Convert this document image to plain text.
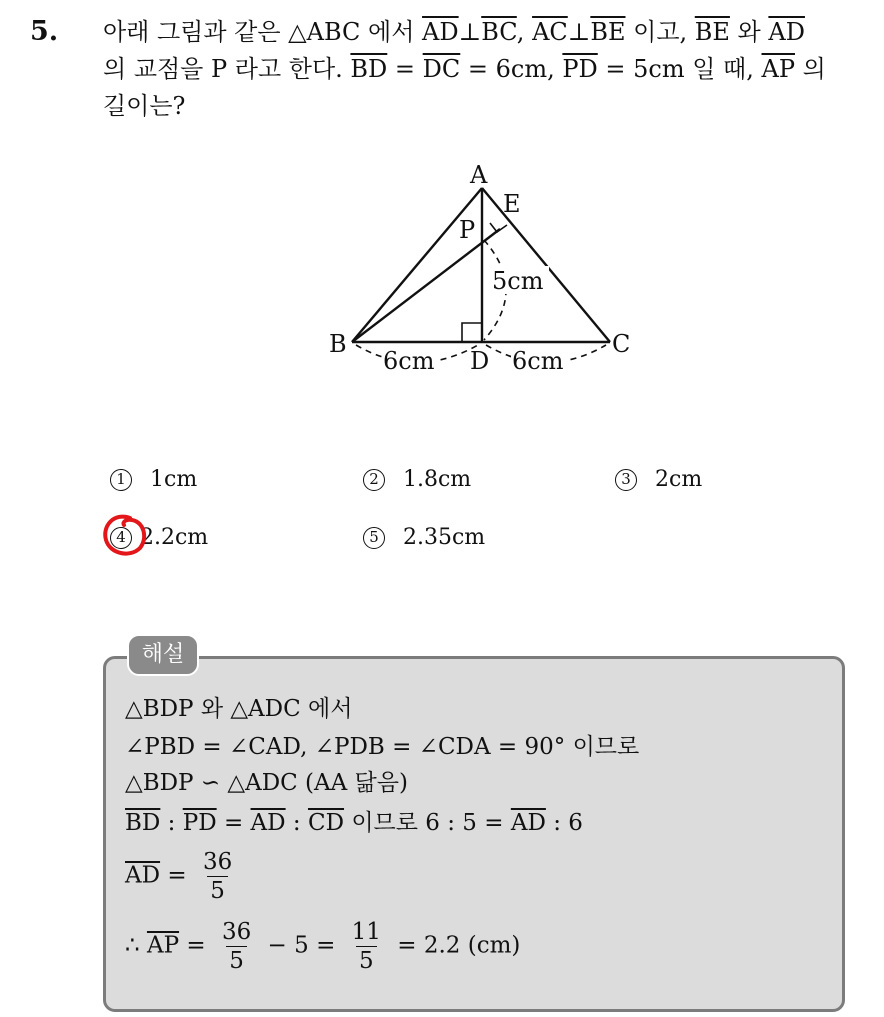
5. 아래 그림과 같은 △ABC 에서 $\overline{AD}\perp\overline{BC}$, $\overline{AC}\perp\overline{BE}$ 이고, $\overline{BE}$ 와 $\overline{AD}$
의 교점을 P 라고 한다. $\overline{BD} = \overline{DC} = 6cm$, $\overline{PD} = 5cm$ 일 때, $\overline{AP}$ 의
길이는?
A
E
P
B	C
D
5cm
6cm	6cm
1 1cm	2 1.8cm	3 2cm
4 2.2cm	5 2.35cm
해설
△BDP 와 △ADC 에서
∠PBD = ∠CAD, ∠PDB = ∠CDA = 90° 이므로
△BDP ∽ △ADC (AA 닮음)
$\overline{BD}$ : $\overline{PD} = \overline{AD}$ : $\overline{CD}$ 이므로 6 : $5 = \overline{AD}$ : 6
$\overline{AD} = \frac{36}{5}$
∴ $\overline{AP} = \frac{36}{5} - 5 = \frac{11}{5} = 2.2$ (cm)
